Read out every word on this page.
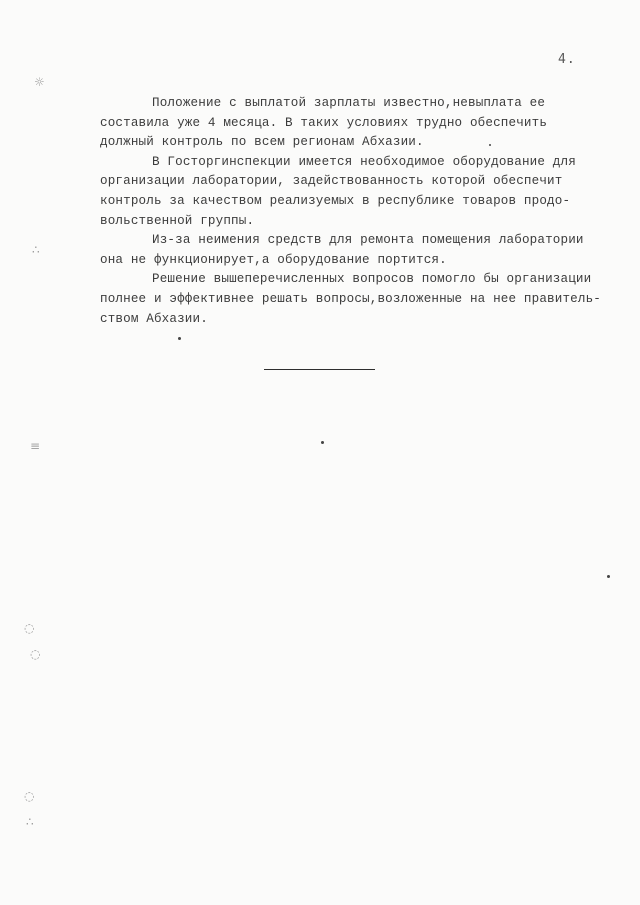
4.
Положение с выплатой зарплаты известно,невыплата ее
составила уже 4 месяца. В таких условиях трудно обеспечить
должный контроль по всем регионам Абхазии.
В Госторгинспекции имеется необходимое оборудование для
организации лаборатории, задействованность которой обеспечит
контроль за качеством реализуемых в республике товаров продо-
вольственной группы.
Из-за неимения средств для ремонта помещения лаборатории
она не функционирует,а оборудование портится.
Решение вышеперечисленных вопросов помогло бы организации
полнее и эффективнее решать вопросы,возложенные на нее правитель-
ством Абхазии.
☼
∴
≡
◌
◌
◌
∴
